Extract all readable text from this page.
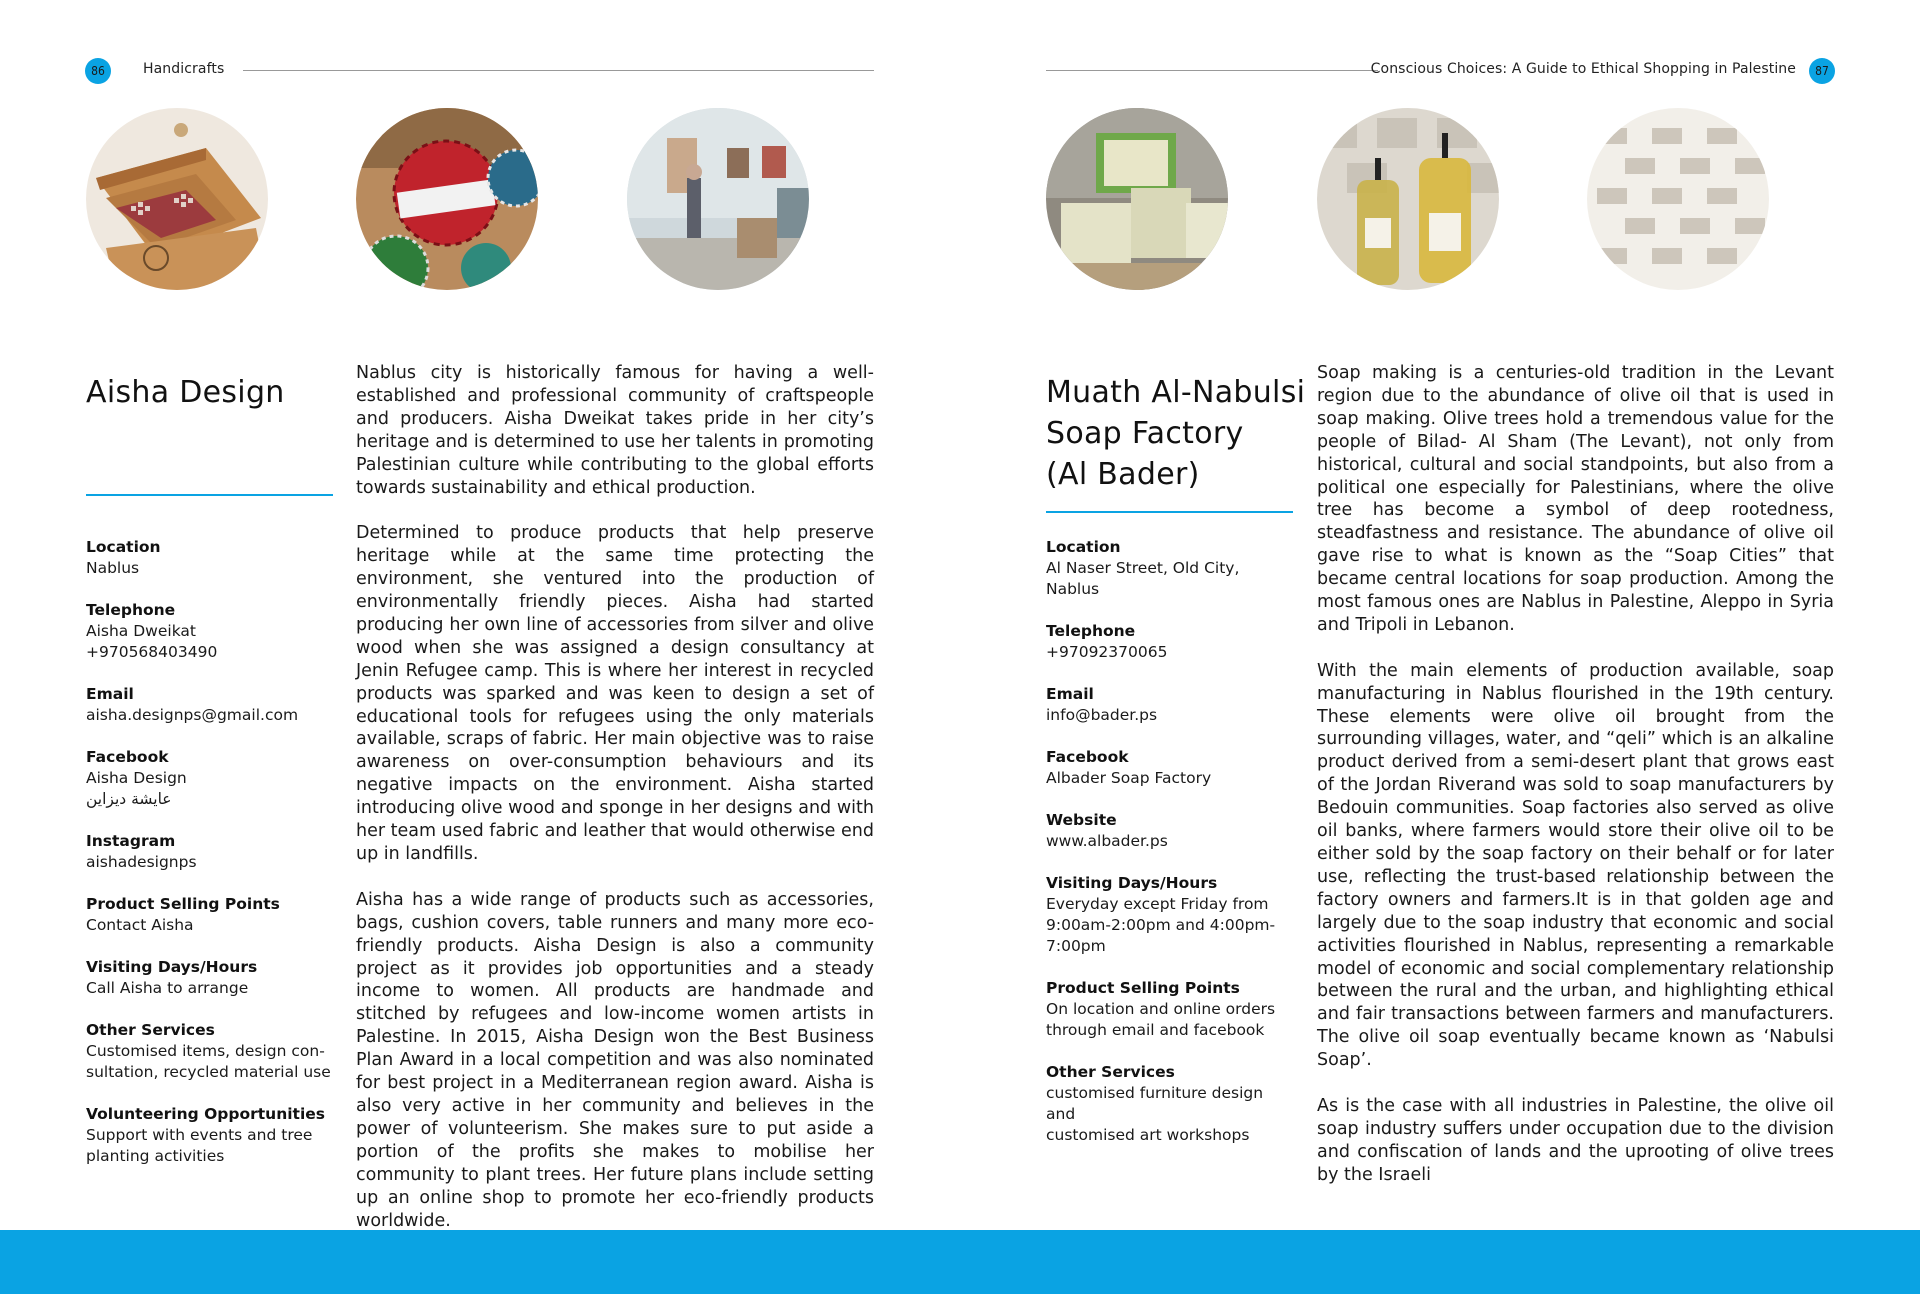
86	Handicrafts	Conscious Choices: A Guide to Ethical Shopping in Palestine	87
Aisha Design	Muath Al-Nabulsi
Soap Factory
(Al Bader)
Location
Nablus
Telephone
Aisha Dweikat
+970568403490
Email
aisha.designps@gmail.com
Facebook
Aisha Design
عايشة ديزاين
Instagram
aishadesignps
Product Selling Points
Contact Aisha
Visiting Days/Hours
Call Aisha to arrange
Other Services
Customised items, design con-
sultation, recycled material use
Volunteering Opportunities
Support with events and tree
planting activities
Location
Al Naser Street, Old City, Nablus
Telephone
+97092370065
Email
info@bader.ps
Facebook
Albader Soap Factory
Website
www.albader.ps
Visiting Days/Hours
Everyday except Friday from
9:00am-2:00pm and 4:00pm-
7:00pm
Product Selling Points
On location and online orders
through email and facebook
Other Services
customised furniture design and
customised art workshops

Nablus city is historically famous for having a well-established and professional community of craftspeople and producers. Aisha Dweikat takes pride in her city’s heritage and is determined to use her talents in promoting Palestinian culture while contributing to the global efforts towards sustainability and ethical production.

Determined to produce products that help preserve heritage while at the same time protecting the environment, she ventured into the production of environmentally friendly pieces. Aisha had started producing her own line of accessories from silver and olive wood when she was assigned a design consultancy at Jenin Refugee camp. This is where her interest in recycled products was sparked and was keen to design a set of educational tools for refugees using the only materials available, scraps of fabric. Her main objective was to raise awareness on over-consumption behaviours and its negative impacts on the environment. Aisha started introducing olive wood and sponge in her designs and with her team used fabric and leather that would otherwise end up in landfills.

Aisha has a wide range of products such as accessories, bags, cushion covers, table runners and many more eco-friendly products. Aisha Design is also a community project as it provides job opportunities and a steady income to women. All products are handmade and stitched by refugees and low-income women artists in Palestine. In 2015, Aisha Design won the Best Business Plan Award in a local competition and was also nominated for best project in a Mediterranean region award. Aisha is also very active in her community and believes in the power of volunteerism. She makes sure to put aside a portion of the profits she makes to mobilise her community to plant trees. Her future plans include setting up an online shop to promote her eco-friendly products worldwide.

Soap making is a centuries-old tradition in the Levant region due to the abundance of olive oil that is used in soap making. Olive trees hold a tremendous value for the people of Bilad- Al Sham (The Levant), not only from historical, cultural and social standpoints, but also from a political one especially for Palestinians, where the olive tree has become a symbol of deep rootedness, steadfastness and resistance. The abundance of olive oil gave rise to what is known as the “Soap Cities” that became central locations for soap production. Among the most famous ones are Nablus in Palestine, Aleppo in Syria and Tripoli in Lebanon.

With the main elements of production available, soap manufacturing in Nablus flourished in the 19th century. These elements were olive oil brought from the surrounding villages, water, and “qeli” which is an alkaline product derived from a semi-desert plant that grows east of the Jordan Riverand was sold to soap manufacturers by Bedouin communities. Soap factories also served as olive oil banks, where farmers would store their olive oil to be either sold by the soap factory on their behalf or for later use, reflecting the trust-based relationship between the factory owners and farmers.It is in that golden age and largely due to the soap industry that economic and social activities flourished in Nablus, representing a remarkable model of economic and social complementary relationship between the rural and the urban, and highlighting ethical and fair transactions between farmers and manufacturers. The olive oil soap eventually became known as ‘Nabulsi Soap’.

As is the case with all industries in Palestine, the olive oil soap industry suffers under occupation due to the division and confiscation of lands and the uprooting of olive trees by the Israeli
